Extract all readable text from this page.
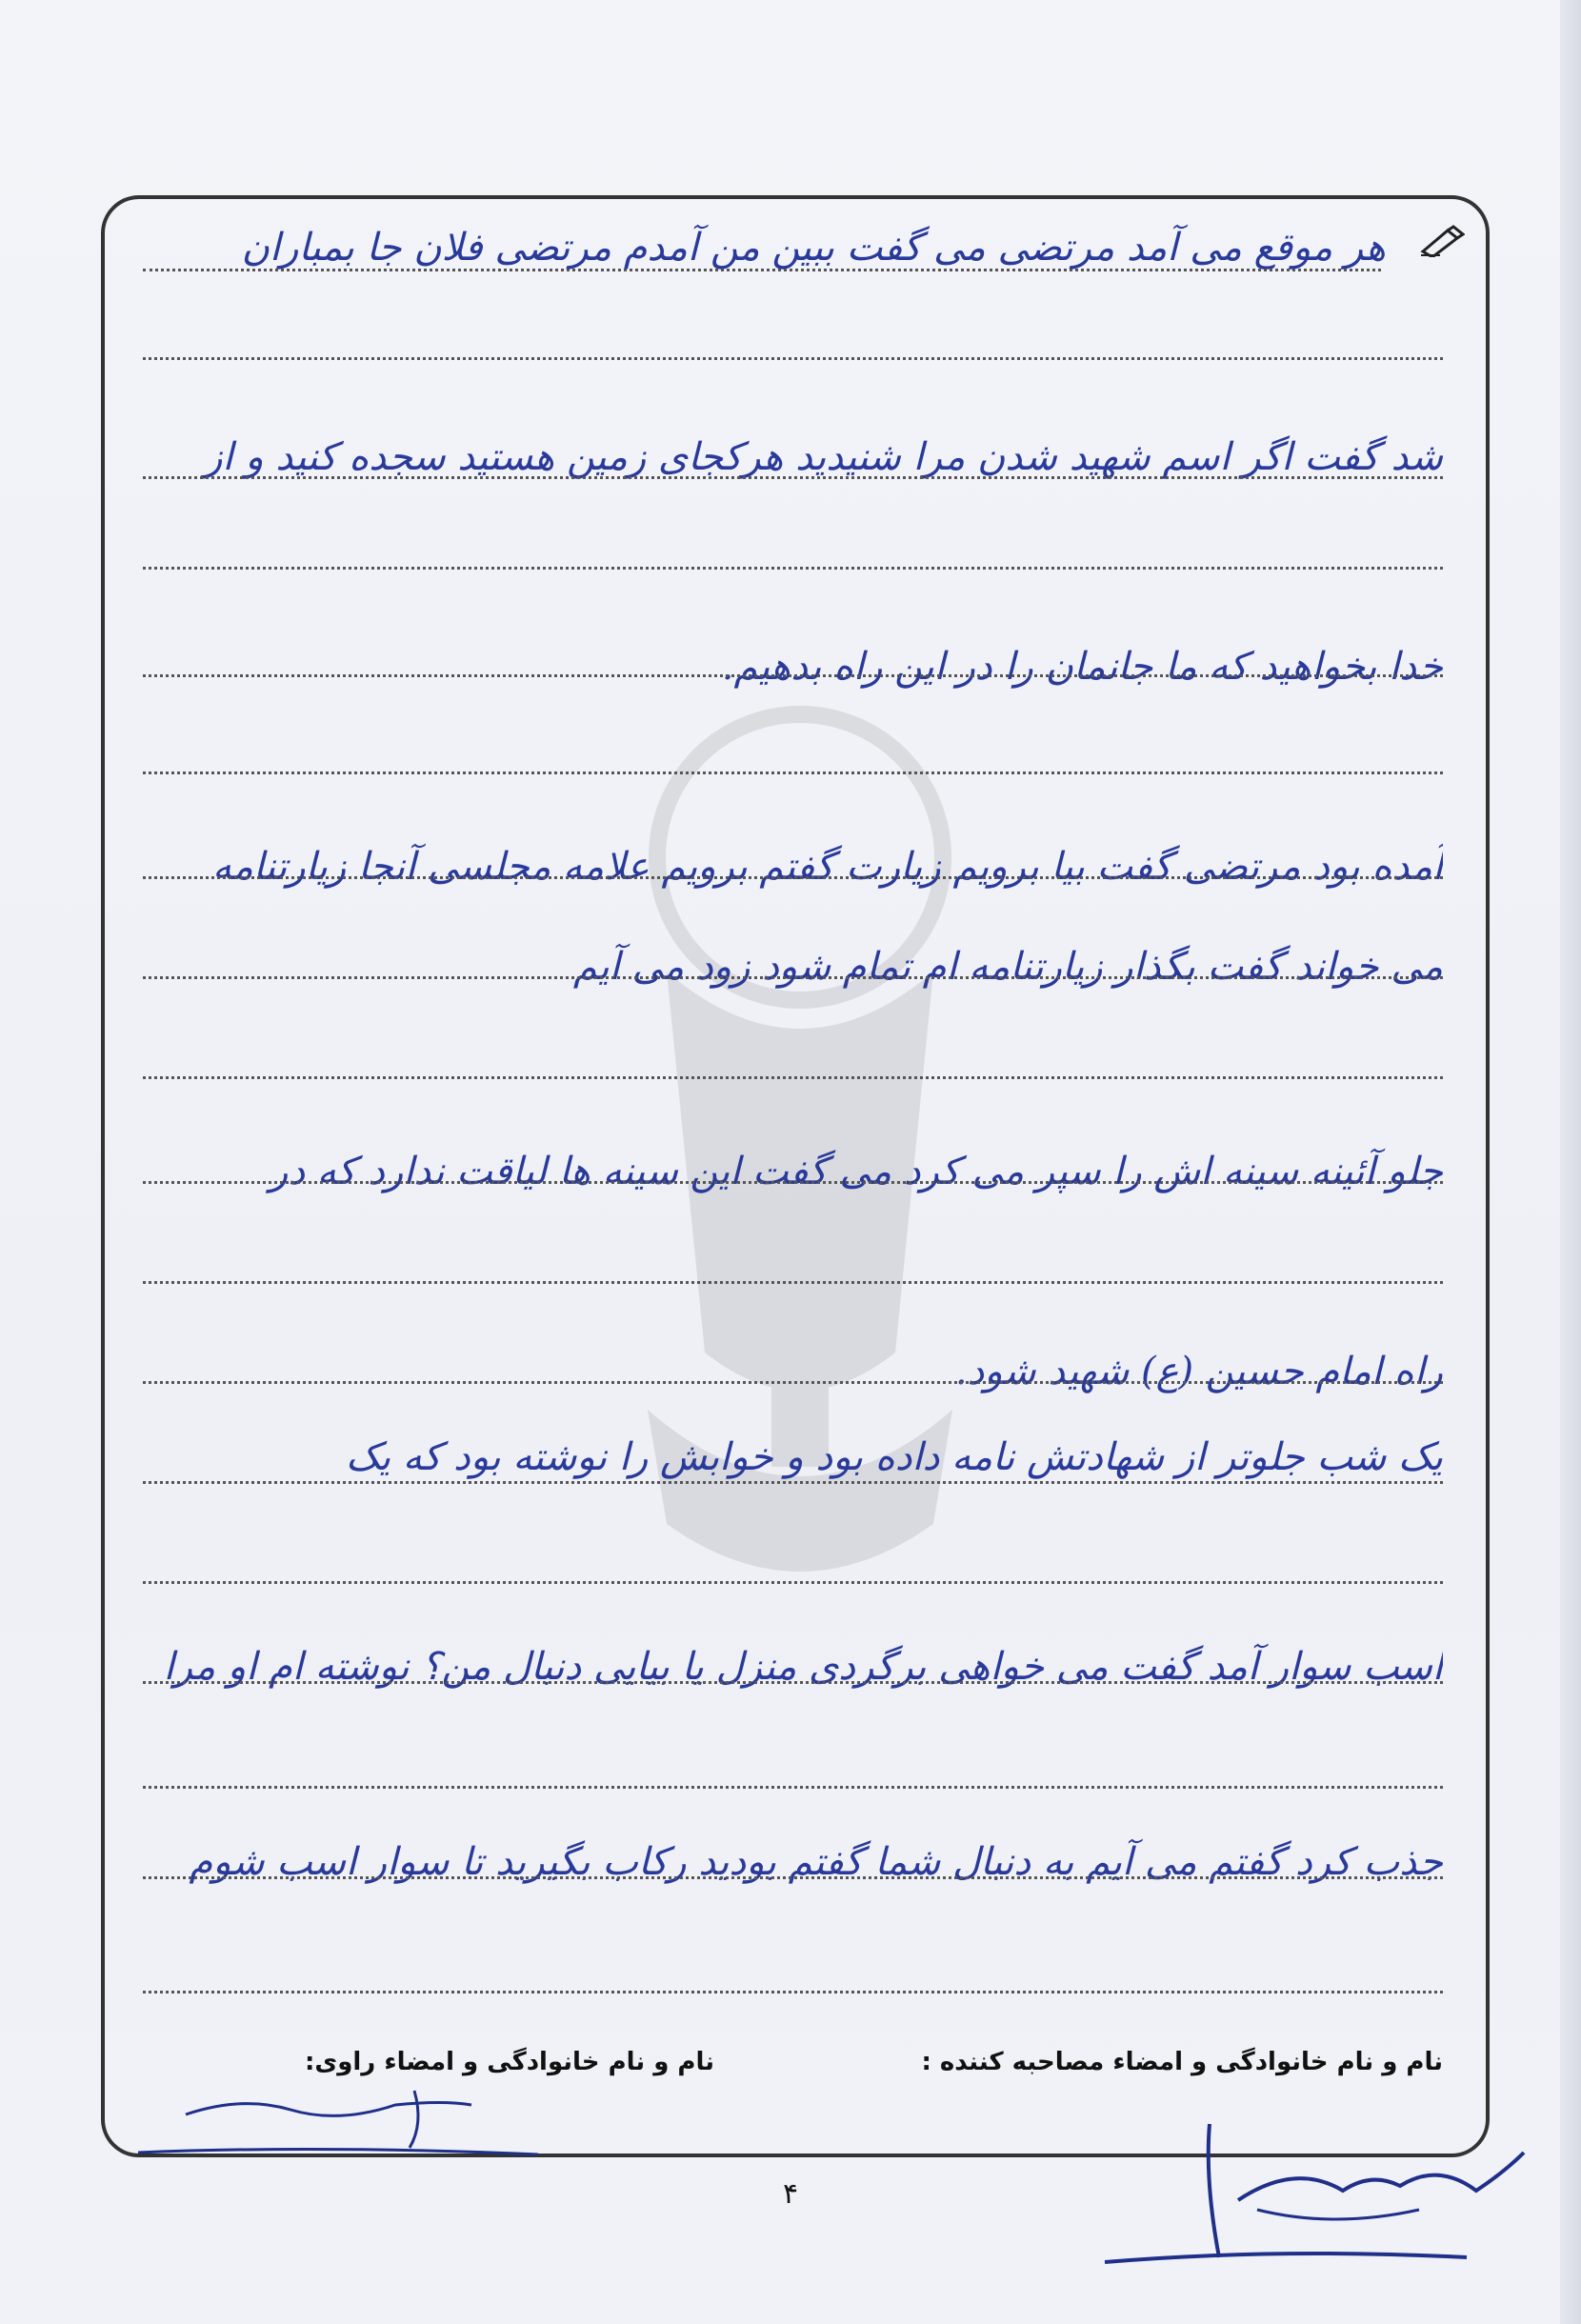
هر موقع می آمد مرتضی می گفت ببین من آمدم مرتضی فلان جا بمباران
شد گفت اگر اسم شهید شدن مرا شنیدید هرکجای زمین هستید سجده کنید و از
خدا بخواهید که ما جانمان را در این راه بدهیم.
آمده بود مرتضی گفت بیا برویم زیارت گفتم برویم علامه مجلسی آنجا زیارتنامه
می خواند گفت بگذار زیارتنامه ام تمام شود زود می آیم
جلو آئینه سینه اش را سپر می کرد می گفت این سینه ها لیاقت ندارد که در
راه امام حسین (ع) شهید شود.
یک شب جلوتر از شهادتش نامه داده بود و خوابش را نوشته بود که یک
اسب سوار آمد گفت می خواهی برگردی منزل یا بیایی دنبال من؟ نوشته ام او مرا
جذب کرد گفتم می آیم به دنبال شما گفتم بودید رکاب بگیرید تا سوار اسب شوم
نام و نام خانوادگی و امضاء مصاحبه کننده :
نام و نام خانوادگی و امضاء راوی:
۴
